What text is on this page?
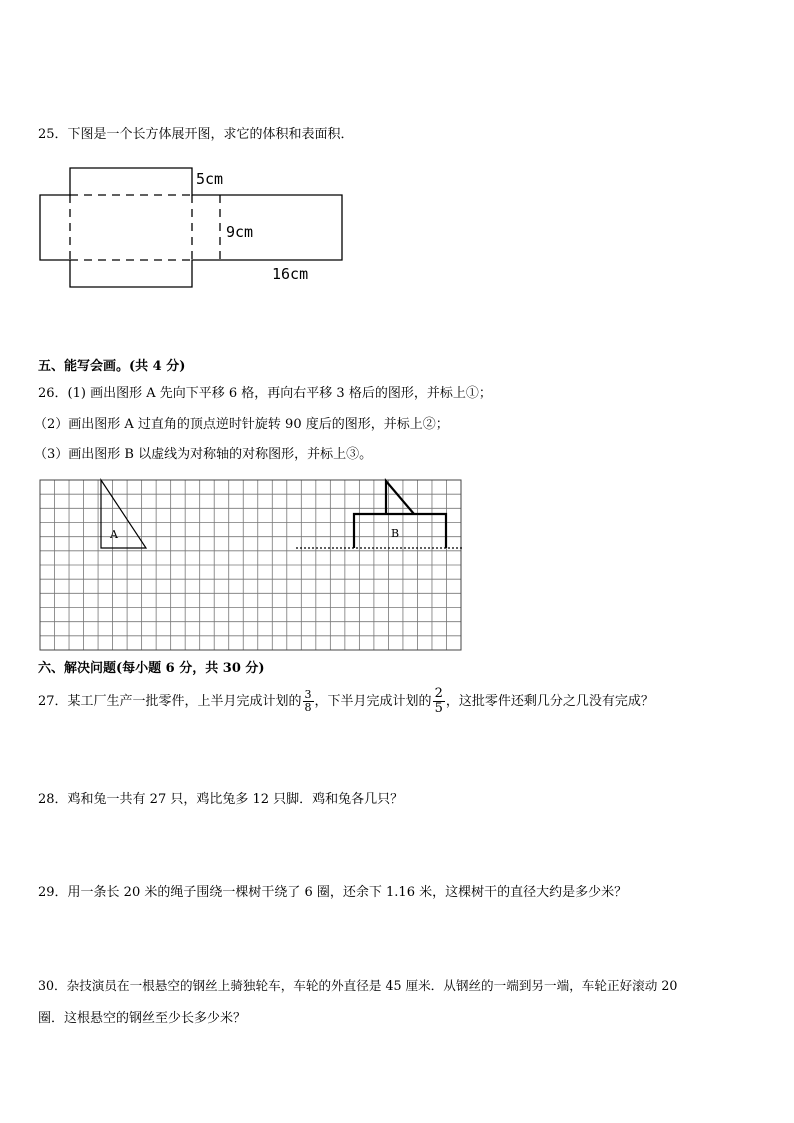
25．下图是一个长方体展开图，求它的体积和表面积．
5cm
9cm
16cm
五、能写会画。(共 4 分)
26．(1) 画出图形 A 先向下平移 6 格，再向右平移 3 格后的图形，并标上①；
（2）画出图形 A 过直角的顶点逆时针旋转 90 度后的图形，并标上②；
（3）画出图形 B 以虚线为对称轴的对称图形，并标上③。
A	B
六、解决问题(每小题 6 分，共 30 分)
27．某工厂生产一批零件，上半月完成计划的 $\frac{3}{8}$ ，下半月完成计划的 $\frac{2}{5}$ ，这批零件还剩几分之几没有完成？
28．鸡和兔一共有 27 只，鸡比兔多 12 只脚．鸡和兔各几只？
29．用一条长 20 米的绳子围绕一棵树干绕了 6 圈，还余下 1.16 米，这棵树干的直径大约是多少米？
30．杂技演员在一根悬空的钢丝上骑独轮车，车轮的外直径是 45 厘米．从钢丝的一端到另一端，车轮正好滚动 20
圈．这根悬空的钢丝至少长多少米？
